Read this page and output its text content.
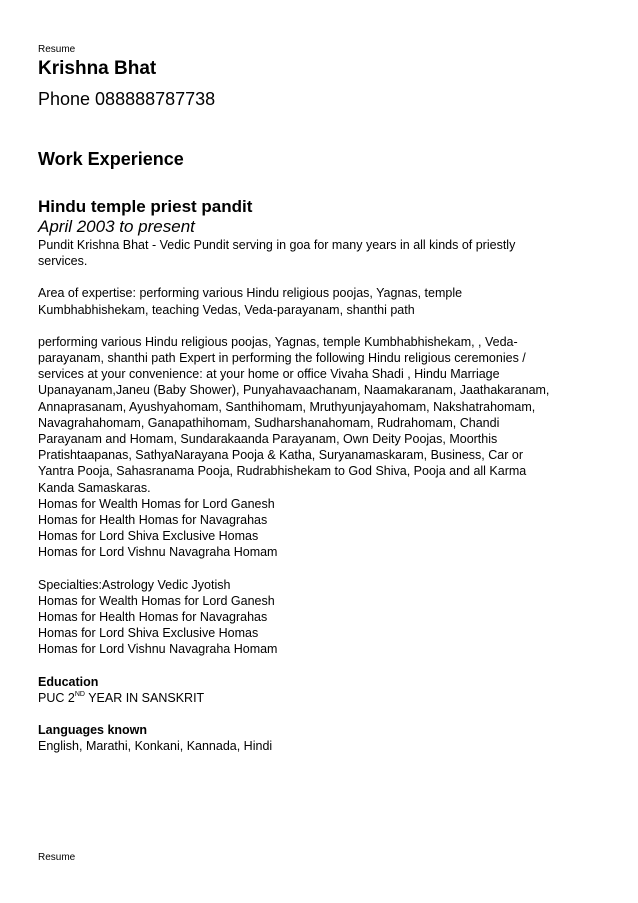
Resume
Krishna Bhat
Phone 088888787738
Work Experience
Hindu temple priest pandit
April 2003 to present

Pundit Krishna Bhat - Vedic Pundit serving in goa for many years in all kinds of priestly
services.

Area of expertise: performing various Hindu religious poojas, Yagnas, temple
Kumbhabhishekam, teaching Vedas, Veda-parayanam, shanthi path

performing various Hindu religious poojas, Yagnas, temple Kumbhabhishekam, , Veda-
parayanam, shanthi path Expert in performing the following Hindu religious ceremonies /
services at your convenience: at your home or office Vivaha Shadi , Hindu Marriage
Upanayanam,Janeu (Baby Shower), Punyahavaachanam, Naamakaranam, Jaathakaranam,
Annaprasanam, Ayushyahomam, Santhihomam, Mruthyunjayahomam, Nakshatrahomam,
Navagrahahomam, Ganapathihomam, Sudharshanahomam, Rudrahomam, Chandi
Parayanam and Homam, Sundarakaanda Parayanam, Own Deity Poojas, Moorthis
Pratishtaapanas, SathyaNarayana Pooja & Katha, Suryanamaskaram, Business, Car or
Yantra Pooja, Sahasranama Pooja, Rudrabhishekam to God Shiva, Pooja and all Karma
Kanda Samaskaras.
Homas for Wealth Homas for Lord Ganesh
Homas for Health Homas for Navagrahas
Homas for Lord Shiva Exclusive Homas
Homas for Lord Vishnu Navagraha Homam

Specialties:Astrology Vedic Jyotish
Homas for Wealth Homas for Lord Ganesh
Homas for Health Homas for Navagrahas
Homas for Lord Shiva Exclusive Homas
Homas for Lord Vishnu Navagraha Homam

Education
PUC 2ND YEAR IN SANSKRIT
Languages known
English, Marathi, Konkani, Kannada, Hindi
Resume
